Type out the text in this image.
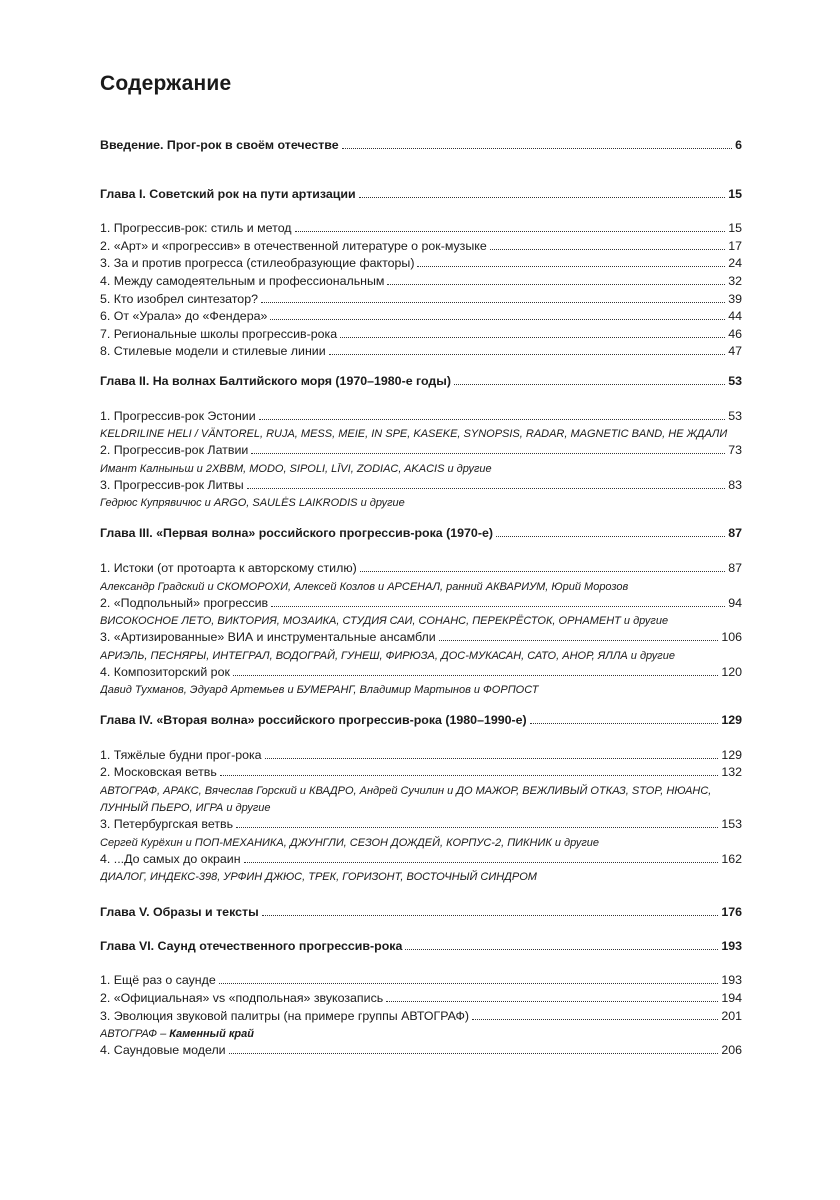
Содержание
Введение. Прог-рок в своём отечестве	6
Глава I. Советский рок на пути артизации	15
1. Прогрессив-рок: стиль и метод	15
2. «Арт» и «прогрессив» в отечественной литературе о рок-музыке	17
3. За и против прогресса (стилеобразующие факторы)	24
4. Между самодеятельным и профессиональным	32
5. Кто изобрел синтезатор?	39
6. От «Урала» до «Фендера»	44
7. Региональные школы прогрессив-рока	46
8. Стилевые модели и стилевые линии	47
Глава II. На волнах Балтийского моря (1970–1980-е годы)	53
1. Прогрессив-рок Эстонии	53
KELDRILINE HELI / VÄNTOREL, RUJA, MESS, MEIE, IN SPE, KASEKE, SYNOPSIS, RADAR, MAGNETIC BAND, НЕ ЖДАЛИ
2. Прогрессив-рок Латвии	73
Имант Калныньш и 2ХВВМ, MODO, SIPOLI, LĪVI, ZODIAC, AKACIS и другие
3. Прогрессив-рок Литвы	83
Гедрюс Купрявичюс и ARGO, SAULĖS LAIKRODIS и другие
Глава III. «Первая волна» российского прогрессив-рока (1970-е)	87
1. Истоки (от протоарта к авторскому стилю)	87
Александр Градский и СКОМОРОХИ, Алексей Козлов и АРСЕНАЛ, ранний АКВАРИУМ, Юрий Морозов
2. «Подпольный» прогрессив	94
ВИСОКОСНОЕ ЛЕТО, ВИКТОРИЯ, МОЗАИКА, СТУДИЯ САИ, СОНАНС, ПЕРЕКРЁСТОК, ОРНАМЕНТ и другие
3. «Артизированные» ВИА и инструментальные ансамбли	106
АРИЭЛЬ, ПЕСНЯРЫ, ИНТЕГРАЛ, ВОДОГРАЙ, ГУНЕШ, ФИРЮЗА, ДОС-МУКАСАН, САТО, АНОР, ЯЛЛА и другие
4. Композиторский рок	120
Давид Тухманов, Эдуард Артемьев и БУМЕРАНГ, Владимир Мартынов и ФОРПОСТ
Глава IV. «Вторая волна» российского прогрессив-рока (1980–1990-е)	129
1. Тяжёлые будни прог-рока	129
2. Московская ветвь	132
АВТОГРАФ, АРАКС, Вячеслав Горский и КВАДРО, Андрей Сучилин и ДО МАЖОР, ВЕЖЛИВЫЙ ОТКАЗ, STOP, НЮАНС, ЛУННЫЙ ПЬЕРО, ИГРА и другие
3. Петербургская ветвь	153
Сергей Курёхин и ПОП-МЕХАНИКА, ДЖУНГЛИ, СЕЗОН ДОЖДЕЙ, КОРПУС-2, ПИКНИК и другие
4. ...До самых до окраин	162
ДИАЛОГ, ИНДЕКС-398, УРФИН ДЖЮС, ТРЕК, ГОРИЗОНТ, ВОСТОЧНЫЙ СИНДРОМ
Глава V. Образы и тексты	176
Глава VI. Саунд отечественного прогрессив-рока	193
1. Ещё раз о саунде	193
2. «Официальная» vs «подпольная» звукозапись	194
3. Эволюция звуковой палитры (на примере группы АВТОГРАФ)	201
АВТОГРАФ – Каменный край
4. Саундовые модели	206
